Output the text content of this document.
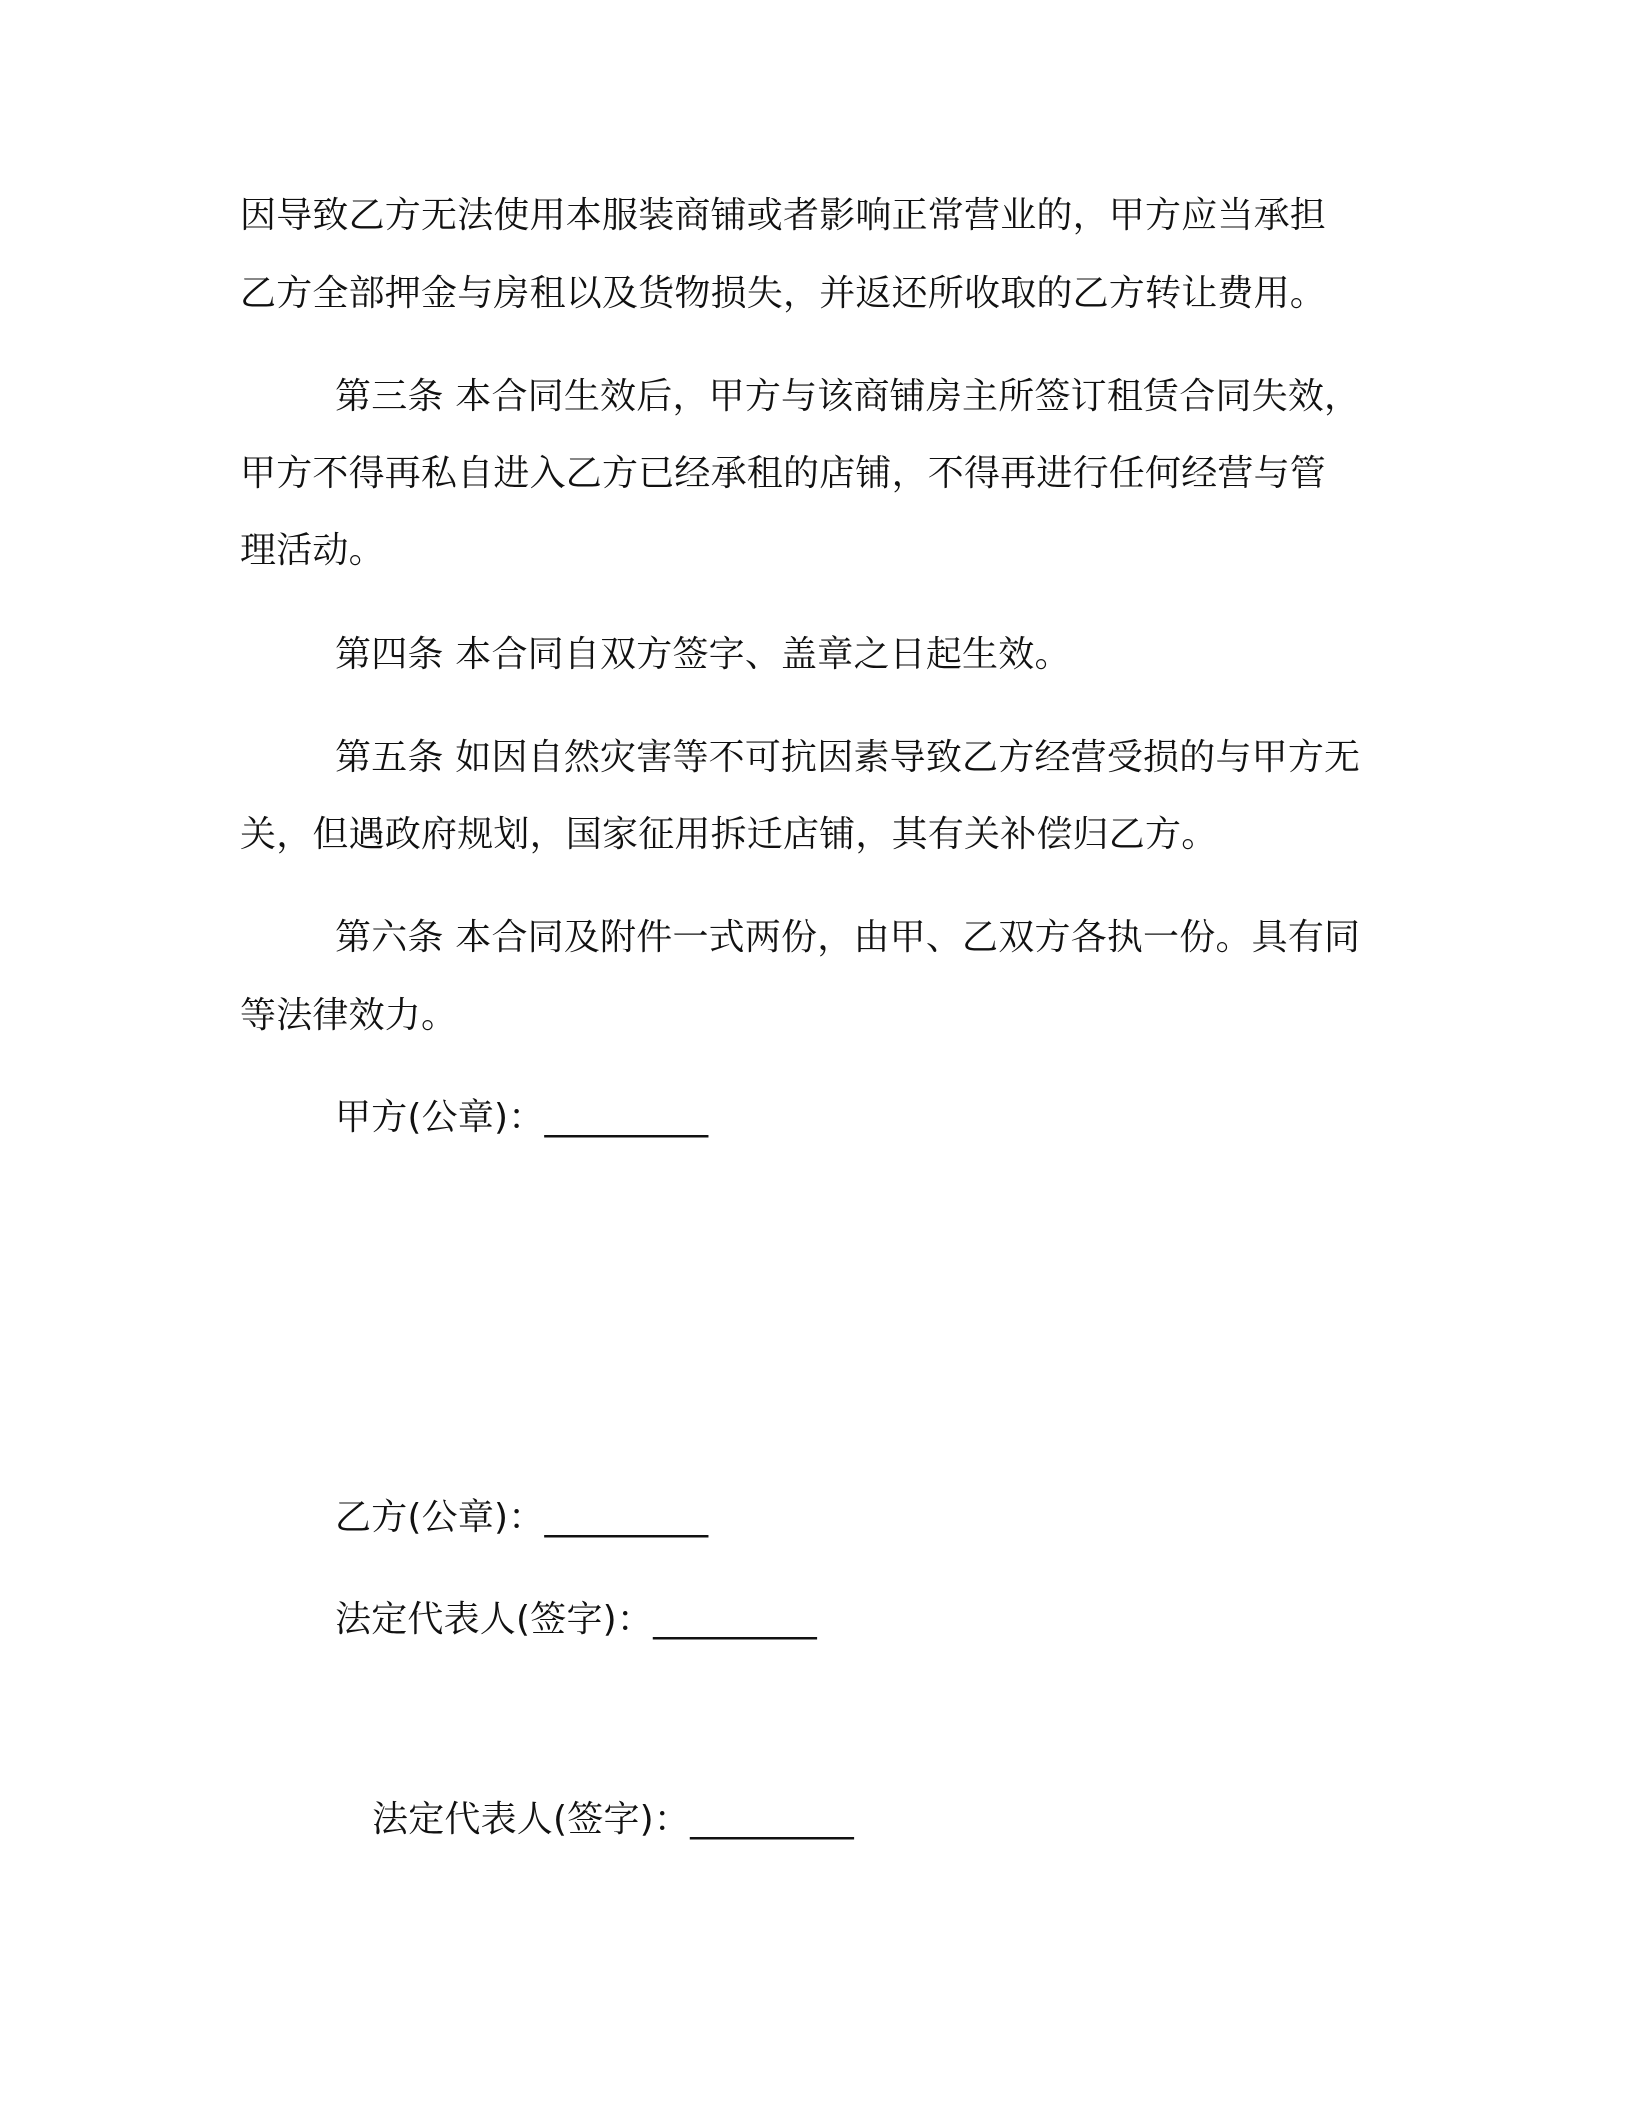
因导致乙方无法使用本服装商铺或者影响正常营业的，甲方应当承担
乙方全部押金与房租以及货物损失，并返还所收取的乙方转让费用。
第三条 本合同生效后，甲方与该商铺房主所签订租赁合同失效，
甲方不得再私自进入乙方已经承租的店铺，不得再进行任何经营与管
理活动。
第四条 本合同自双方签字、盖章之日起生效。
第五条 如因自然灾害等不可抗因素导致乙方经营受损的与甲方无
关，但遇政府规划，国家征用拆迁店铺，其有关补偿归乙方。
第六条 本合同及附件一式两份，由甲、乙双方各执一份。具有同
等法律效力。
甲方(公章)：_________
乙方(公章)：_________
法定代表人(签字)：_________
法定代表人(签字)：_________
